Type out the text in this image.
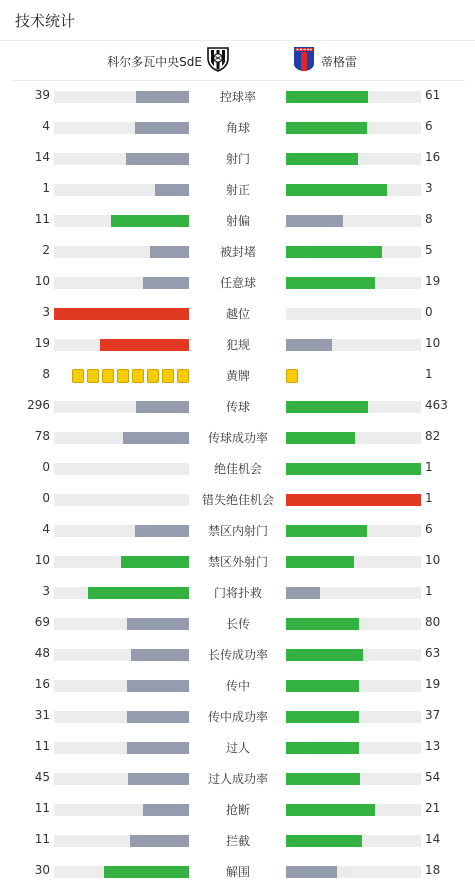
技术统计
科尔多瓦中央SdE	蒂格雷
39	控球率	61
4	角球	6
14	射门	16
1	射正	3
11	射偏	8
2	被封堵	5
10	任意球	19
3	越位	0
19	犯规	10
8	黄牌	1
296	传球	463
78	传球成功率	82
0	绝佳机会	1
0	错失绝佳机会	1
4	禁区内射门	6
10	禁区外射门	10
3	门将扑救	1
69	长传	80
48	长传成功率	63
16	传中	19
31	传中成功率	37
11	过人	13
45	过人成功率	54
11	抢断	21
11	拦截	14
30	解围	18
